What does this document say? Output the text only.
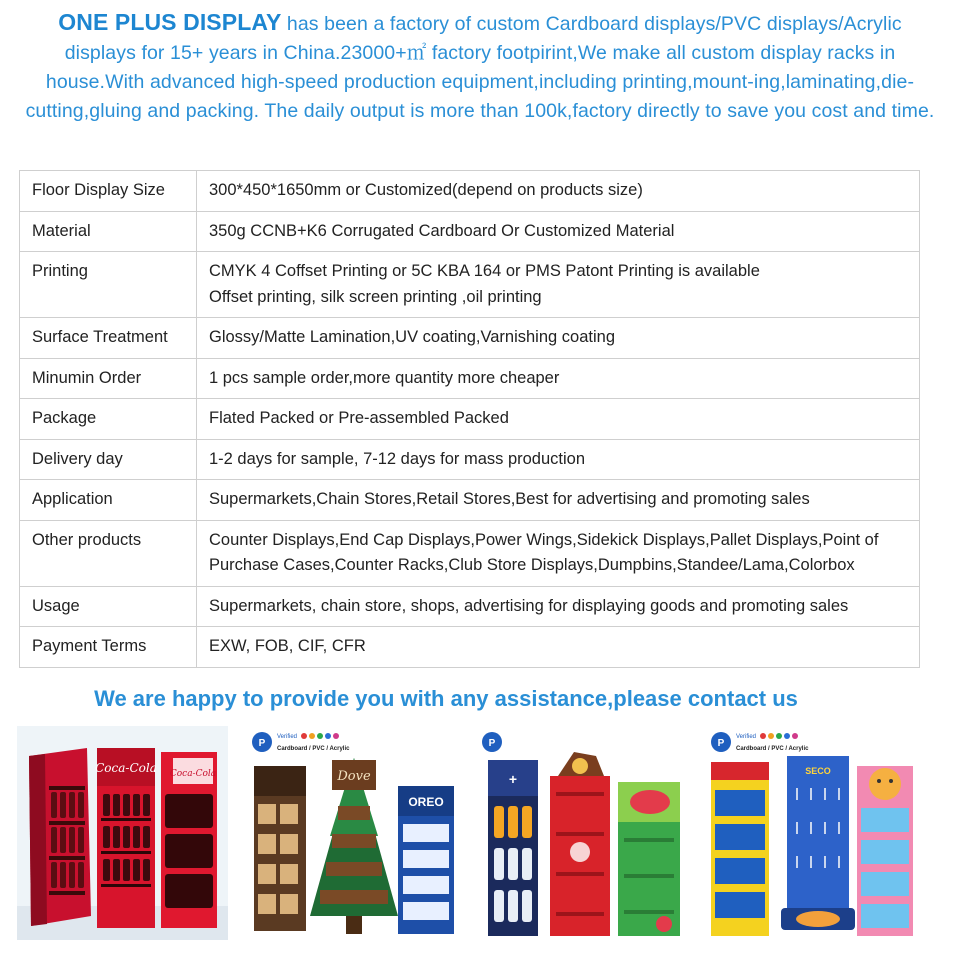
ONE PLUS DISPLAY has been a factory of custom Cardboard displays/PVC displays/Acrylic displays for 15+ years in China.23000+㎡ factory footpirint,We make all custom display racks in house.With advanced high-speed production equipment,including printing,mount-ing,laminating,die-cutting,gluing and packing. The daily output is more than 100k,factory directly to save you cost and time.
Floor Display Size	300*450*1650mm or Customized(depend on products size)
Material	350g CCNB+K6 Corrugated Cardboard Or Customized Material
Printing	CMYK 4 Coffset Printing or 5C KBA 164 or PMS Patont Printing is available
Offset printing, silk screen printing ,oil printing

Surface Treatment	Glossy/Matte Lamination,UV coating,Varnishing coating
Minumin Order	1 pcs sample order,more quantity more cheaper
Package	Flated Packed or Pre-assembled Packed
Delivery day	1-2 days for sample, 7-12 days for mass production
Application	Supermarkets,Chain Stores,Retail Stores,Best for advertising and promoting sales
Other products	Counter Displays,End Cap Displays,Power Wings,Sidekick Displays,Pallet Displays,Point of Purchase Cases,Counter Racks,Club Store Displays,Dumpbins,Standee/Lama,Colorbox
Usage	Supermarkets, chain store, shops, advertising for displaying goods and promoting sales
Payment Terms	EXW, FOB, CIF, CFR
We are happy to provide you with any assistance,please contact us
Coca-Cola Coca-Cola
P
Verified
Cardboard / PVC / Acrylic
Dove
OREO
P
+
P
Verified
Cardboard / PVC / Acrylic
SECO
